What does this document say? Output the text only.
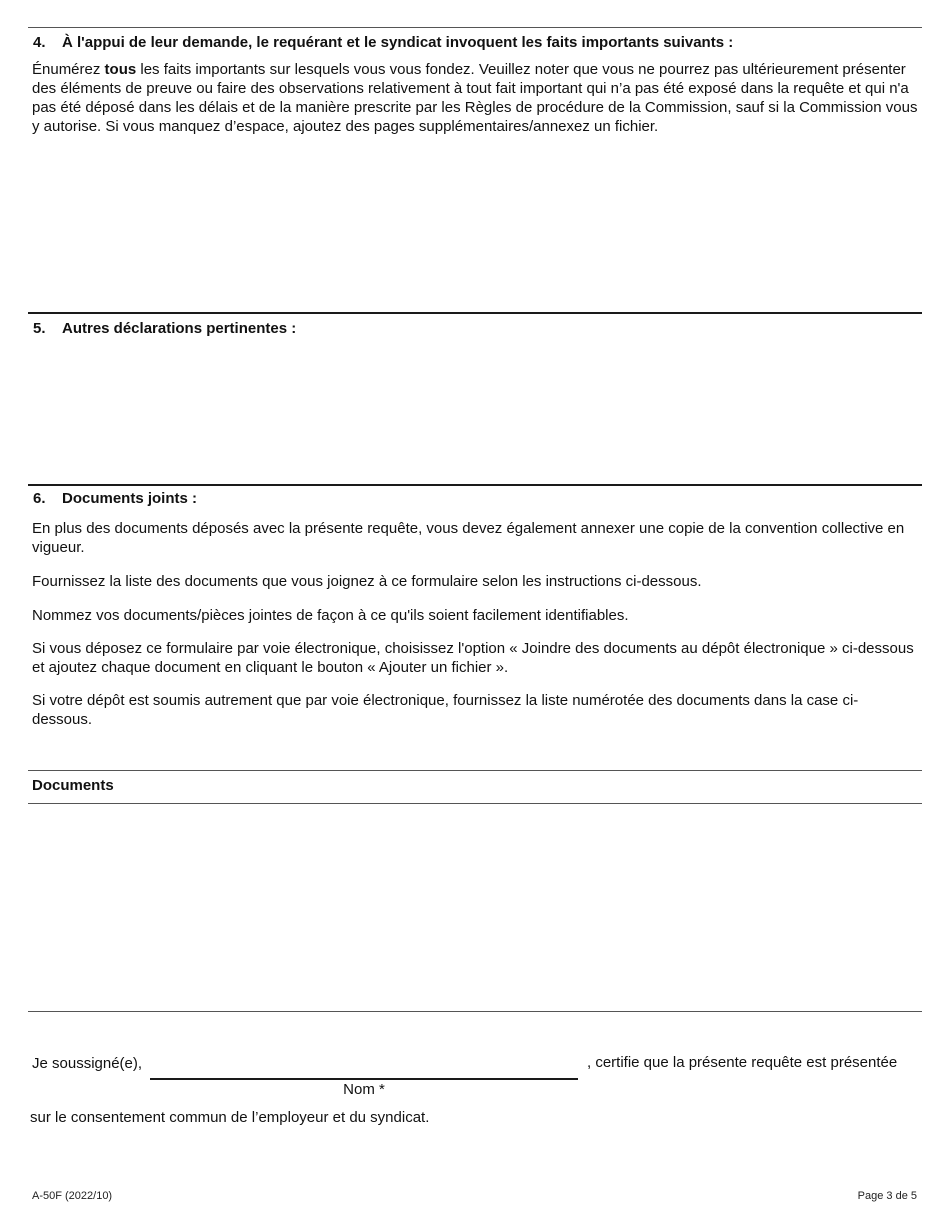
4. À l'appui de leur demande, le requérant et le syndicat invoquent les faits importants suivants :
Énumérez tous les faits importants sur lesquels vous vous fondez. Veuillez noter que vous ne pourrez pas ultérieurement présenter des éléments de preuve ou faire des observations relativement à tout fait important qui n’a pas été exposé dans la requête et qui n'a pas été déposé dans les délais et de la manière prescrite par les Règles de procédure de la Commission, sauf si la Commission vous y autorise. Si vous manquez d’espace, ajoutez des pages supplémentaires/annexez un fichier.
5. Autres déclarations pertinentes :
6. Documents joints :
En plus des documents déposés avec la présente requête, vous devez également annexer une copie de la convention collective en vigueur.
Fournissez la liste des documents que vous joignez à ce formulaire selon les instructions ci-dessous.
Nommez vos documents/pièces jointes de façon à ce qu'ils soient facilement identifiables.
Si vous déposez ce formulaire par voie électronique, choisissez l'option « Joindre des documents au dépôt électronique » ci-dessous et ajoutez chaque document en cliquant le bouton « Ajouter un fichier ».
Si votre dépôt est soumis autrement que par voie électronique, fournissez la liste numérotée des documents dans la case ci-dessous.
Documents
Je soussigné(e),	, certifie que la présente requête est présentée
Nom *
sur le consentement commun de l’employeur et du syndicat.
A-50F (2022/10)	Page 3 de 5
